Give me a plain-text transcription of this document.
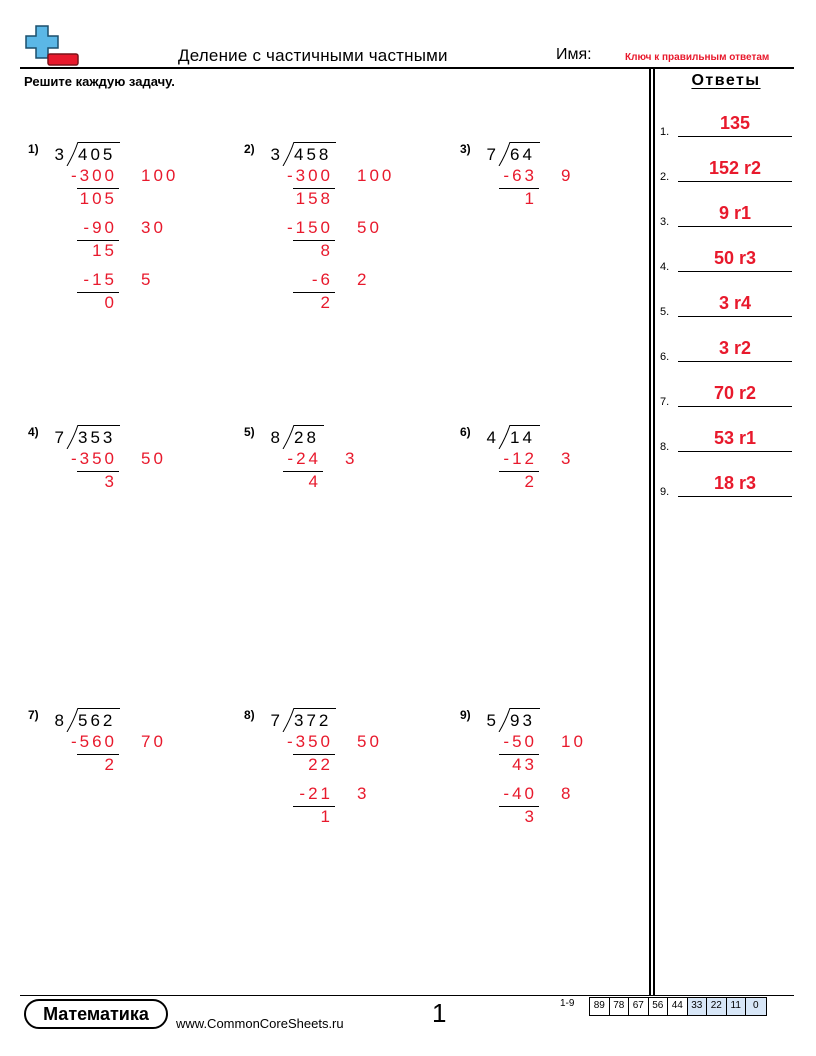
Деление с частичными частными	Имя:	Ключ к правильным ответам
Решите каждую задачу.	Ответы
1.	135
2.	152 r2
3.	9 r1
4.	50 r3
5.	3 r4
6.	3 r2
7.	70 r2
8.	53 r1
9.	18 r3
1) 3 405
-300 100
105
-90 30
15
-15 5
0
2) 3 458
-300 100
158
-150 50
8
-6 2
2
3) 7 64
-63 9
1
4) 7 353
-350 50
3
5) 8 28
-24 3
4
6) 4 14
-12 3
2
7) 8 562
-560 70
2
8) 7 372
-350 50
22
-21 3
1
9) 5 93
-50 10
43
-40 8
3
Математика	www.CommonCoreSheets.ru	1	1-9	89 78 67 56 44 33 22 11	0
